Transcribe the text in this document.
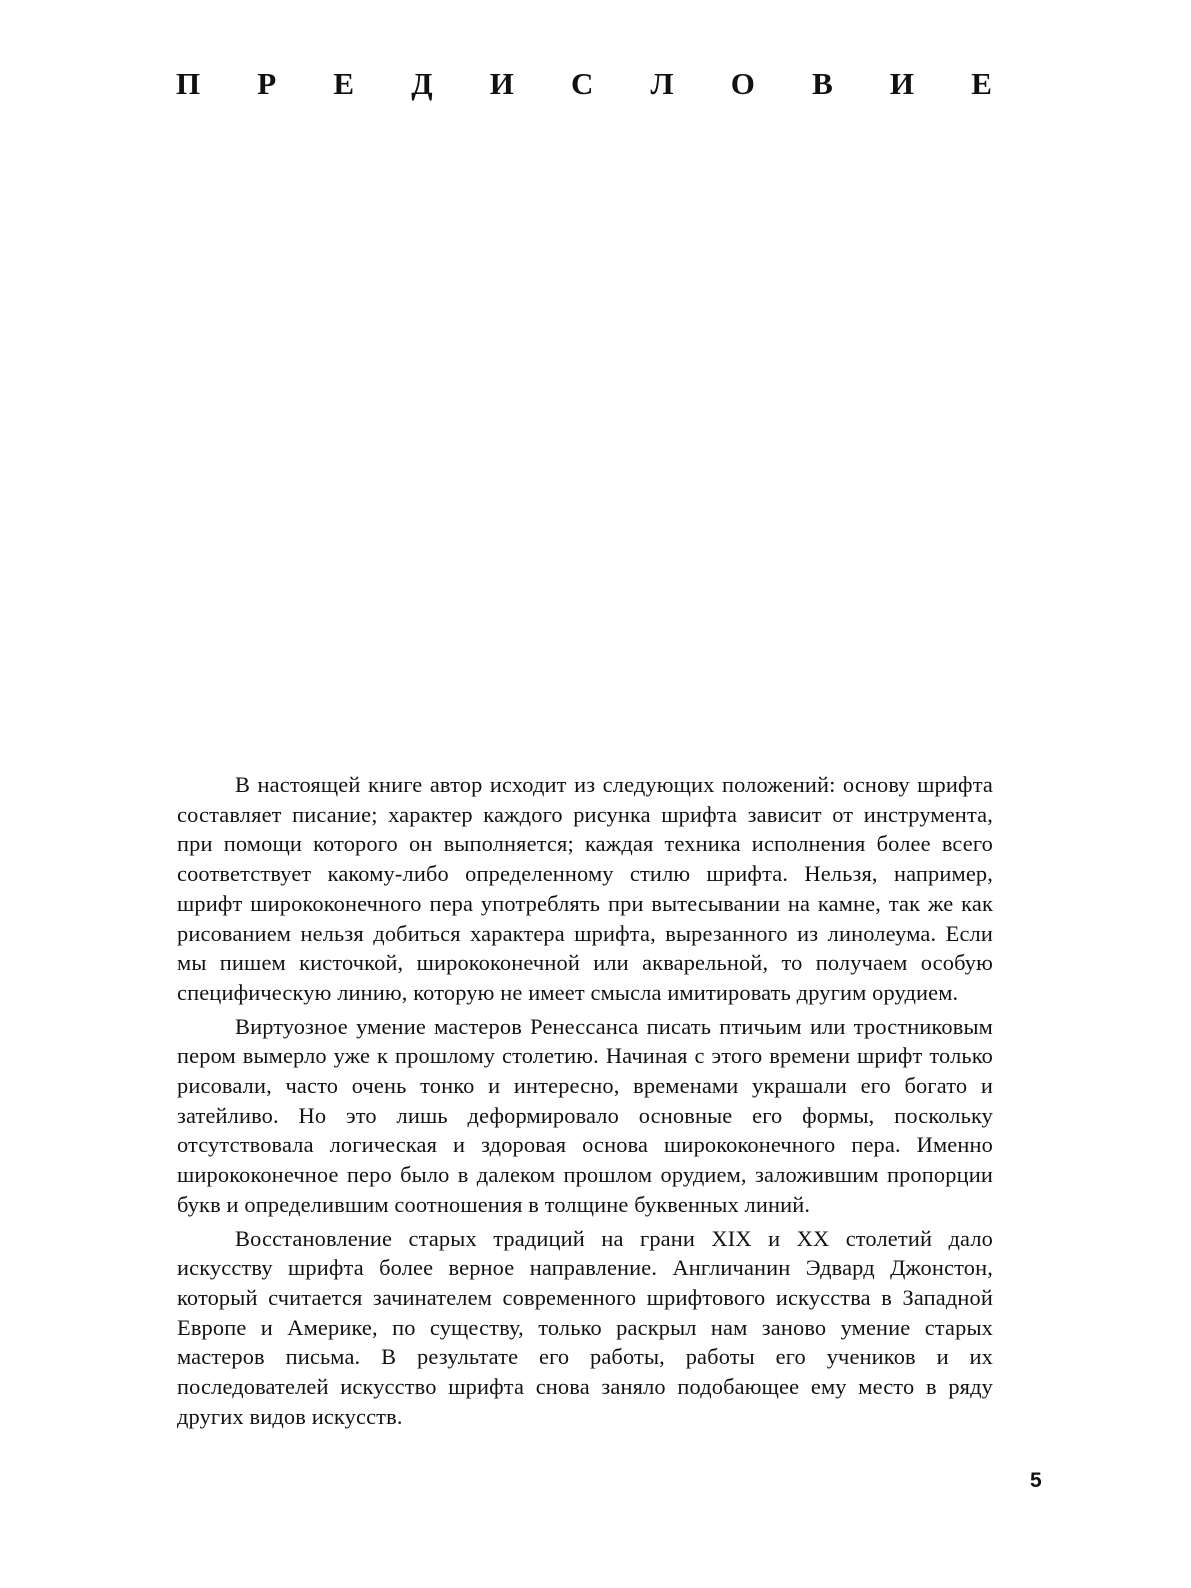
П Р Е Д И С Л О В И Е

В настоящей книге автор исходит из следующих положений: основу шрифта составляет писание; характер каждого рисунка шрифта зависит от инструмента, при помощи которого он выполняется; каждая техника исполнения более всего соответствует какому-либо определенному стилю шрифта. Нельзя, например, шрифт ширококонечного пера употреблять при вытесывании на камне, так же как рисованием нельзя добиться характера шрифта, вырезанного из линолеума. Если мы пишем кисточкой, ширококонечной или акварельной, то получаем особую специфическую линию, которую не имеет смысла имитировать другим орудием.

Виртуозное умение мастеров Ренессанса писать птичьим или тростниковым пером вымерло уже к прошлому столетию. Начиная с этого времени шрифт только рисовали, часто очень тонко и интересно, временами украшали его богато и затейливо. Но это лишь деформировало основные его формы, поскольку отсутствовала логическая и здоровая основа ширококонечного пера. Именно ширококонечное перо было в далеком прошлом орудием, заложившим пропорции букв и определившим соотношения в толщине буквенных линий.

Восстановление старых традиций на грани XIX и XX столетий дало искусству шрифта более верное направление. Англичанин Эдвард Джонстон, который считается зачинателем современного шрифтового искусства в Западной Европе и Америке, по существу, только раскрыл нам заново умение старых мастеров письма. В результате его работы, работы его учеников и их последователей искусство шрифта снова заняло подобающее ему место в ряду других видов искусств.

5
